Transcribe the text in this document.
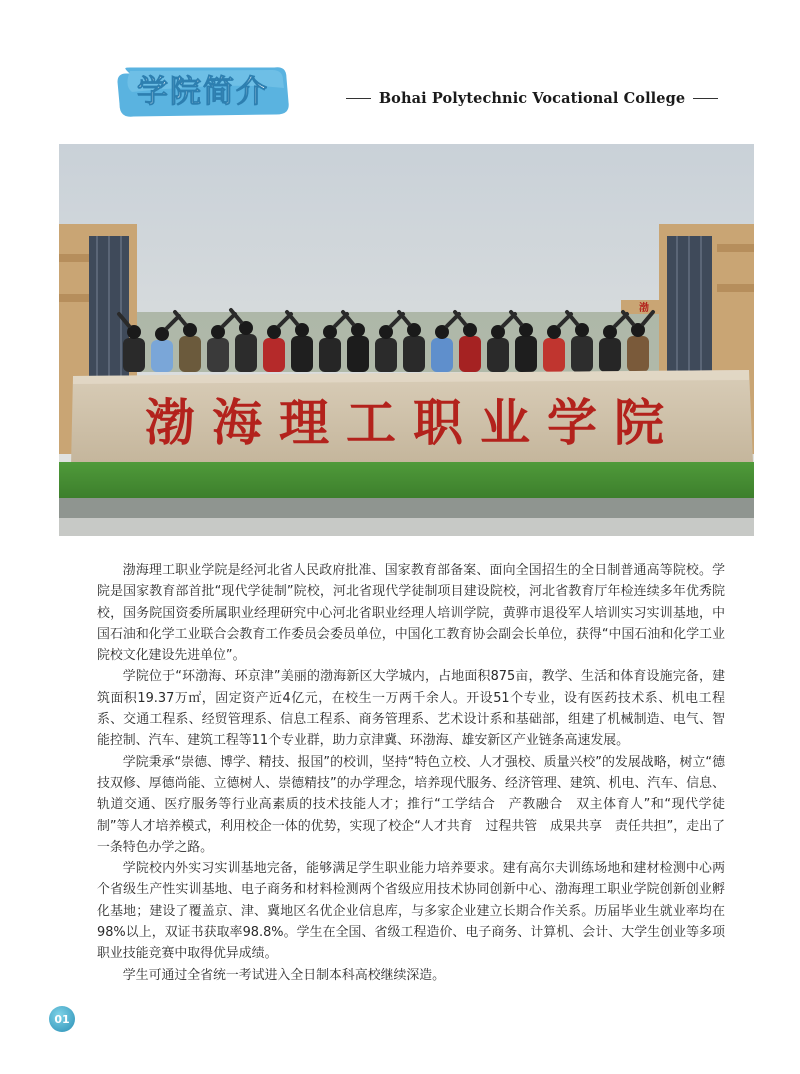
学院简介	Bohai Polytechnic Vocational College
渤
渤海理工职业学院

渤海理工职业学院是经河北省人民政府批准、国家教育部备案、面向全国招生的全日制普通高等院校。学院是国家教育部首批“现代学徒制”院校，河北省现代学徒制项目建设院校，河北省教育厅年检连续多年优秀院校，国务院国资委所属职业经理研究中心河北省职业经理人培训学院，黄骅市退役军人培训实习实训基地，中国石油和化学工业联合会教育工作委员会委员单位，中国化工教育协会副会长单位，获得“中国石油和化学工业院校文化建设先进单位”。

学院位于“环渤海、环京津”美丽的渤海新区大学城内，占地面积875亩，教学、生活和体育设施完备，建筑面积19.37万㎡，固定资产近4亿元，在校生一万两千余人。开设51个专业，设有医药技术系、机电工程系、交通工程系、经贸管理系、信息工程系、商务管理系、艺术设计系和基础部，组建了机械制造、电气、智能控制、汽车、建筑工程等11个专业群，助力京津冀、环渤海、雄安新区产业链条高速发展。

学院秉承“崇德、博学、精技、报国”的校训，坚持“特色立校、人才强校、质量兴校”的发展战略，树立“德技双修、厚德尚能、立德树人、崇德精技”的办学理念，培养现代服务、经济管理、建筑、机电、汽车、信息、轨道交通、医疗服务等行业高素质的技术技能人才；推行“工学结合　产教融合　双主体育人”和“现代学徒制”等人才培养模式，利用校企一体的优势，实现了校企“人才共育　过程共管　成果共享　责任共担”，走出了一条特色办学之路。

学院校内外实习实训基地完备，能够满足学生职业能力培养要求。建有高尔夫训练场地和建材检测中心两个省级生产性实训基地、电子商务和材料检测两个省级应用技术协同创新中心、渤海理工职业学院创新创业孵化基地；建设了覆盖京、津、冀地区名优企业信息库，与多家企业建立长期合作关系。历届毕业生就业率均在98%以上，双证书获取率98.8%。学生在全国、省级工程造价、电子商务、计算机、会计、大学生创业等多项职业技能竞赛中取得优异成绩。

学生可通过全省统一考试进入全日制本科高校继续深造。

01
